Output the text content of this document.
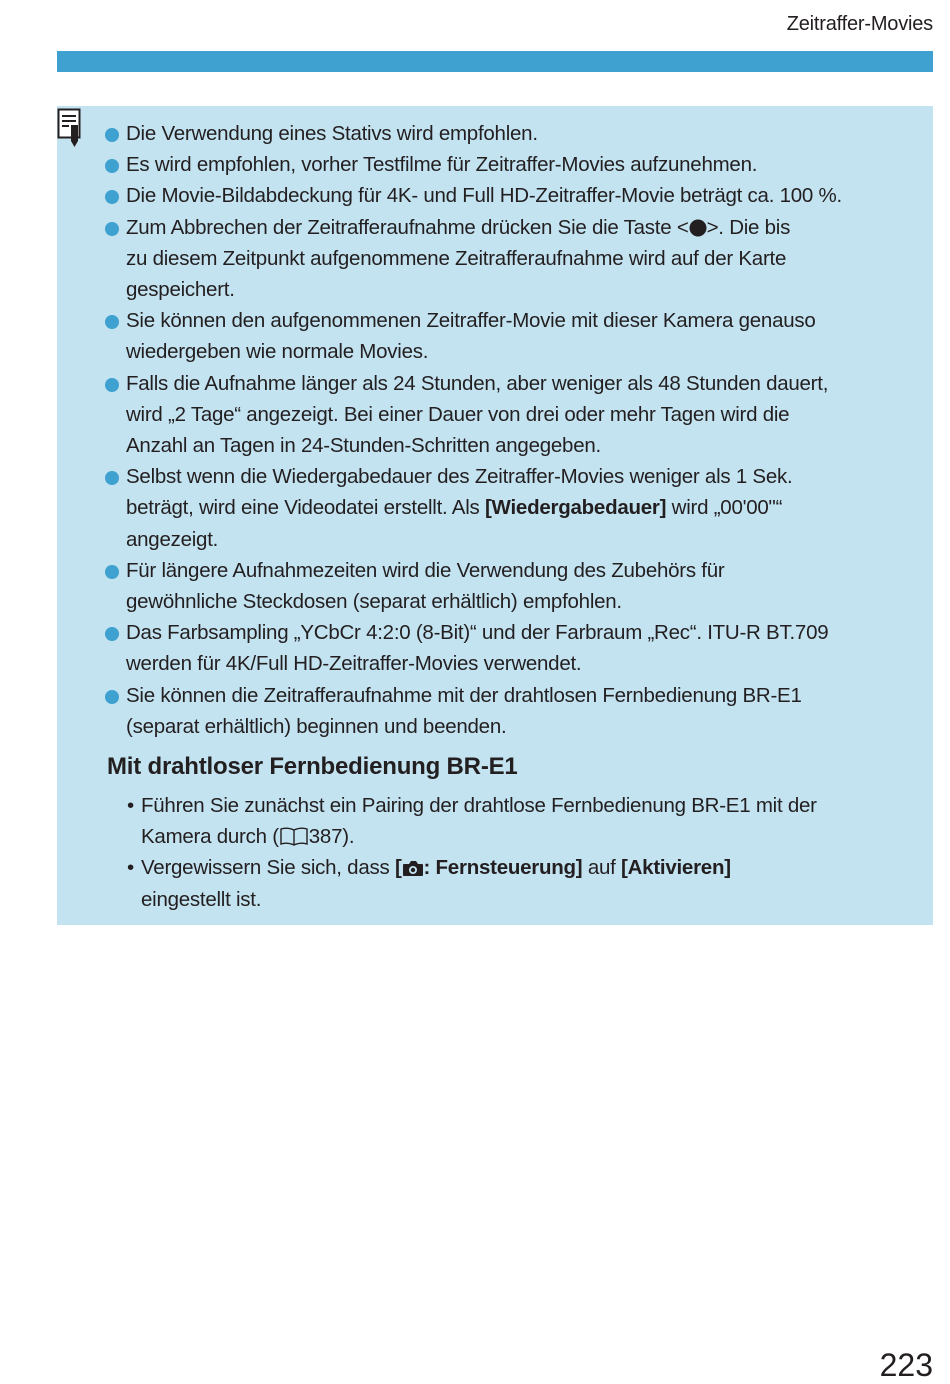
Zeitraffer-Movies
Die Verwendung eines Stativs wird empfohlen.
Es wird empfohlen, vorher Testfilme für Zeitraffer-Movies aufzunehmen.
Die Movie-Bildabdeckung für 4K- und Full HD-Zeitraffer-Movie beträgt ca. 100 %.
Zum Abbrechen der Zeitrafferaufnahme drücken Sie die Taste < >. Die bis
zu diesem Zeitpunkt aufgenommene Zeitrafferaufnahme wird auf der Karte
gespeichert.
Sie können den aufgenommenen Zeitraffer-Movie mit dieser Kamera genauso
wiedergeben wie normale Movies.
Falls die Aufnahme länger als 24 Stunden, aber weniger als 48 Stunden dauert,
wird „2 Tage“ angezeigt. Bei einer Dauer von drei oder mehr Tagen wird die
Anzahl an Tagen in 24-Stunden-Schritten angegeben.
Selbst wenn die Wiedergabedauer des Zeitraffer-Movies weniger als 1 Sek.
beträgt, wird eine Videodatei erstellt. Als [Wiedergabedauer] wird „00'00"“
angezeigt.
Für längere Aufnahmezeiten wird die Verwendung des Zubehörs für
gewöhnliche Steckdosen (separat erhältlich) empfohlen.
Das Farbsampling „YCbCr 4:2:0 (8-Bit)“ und der Farbraum „Rec“. ITU-R BT.709
werden für 4K/Full HD-Zeitraffer-Movies verwendet.
Sie können die Zeitrafferaufnahme mit der drahtlosen Fernbedienung BR-E1
(separat erhältlich) beginnen und beenden.
Mit drahtloser Fernbedienung BR-E1
• Führen Sie zunächst ein Pairing der drahtlose Fernbedienung BR-E1 mit der
Kamera durch ( 387).
• Vergewissern Sie sich, dass [ : Fernsteuerung] auf [Aktivieren]
eingestellt ist.
223
